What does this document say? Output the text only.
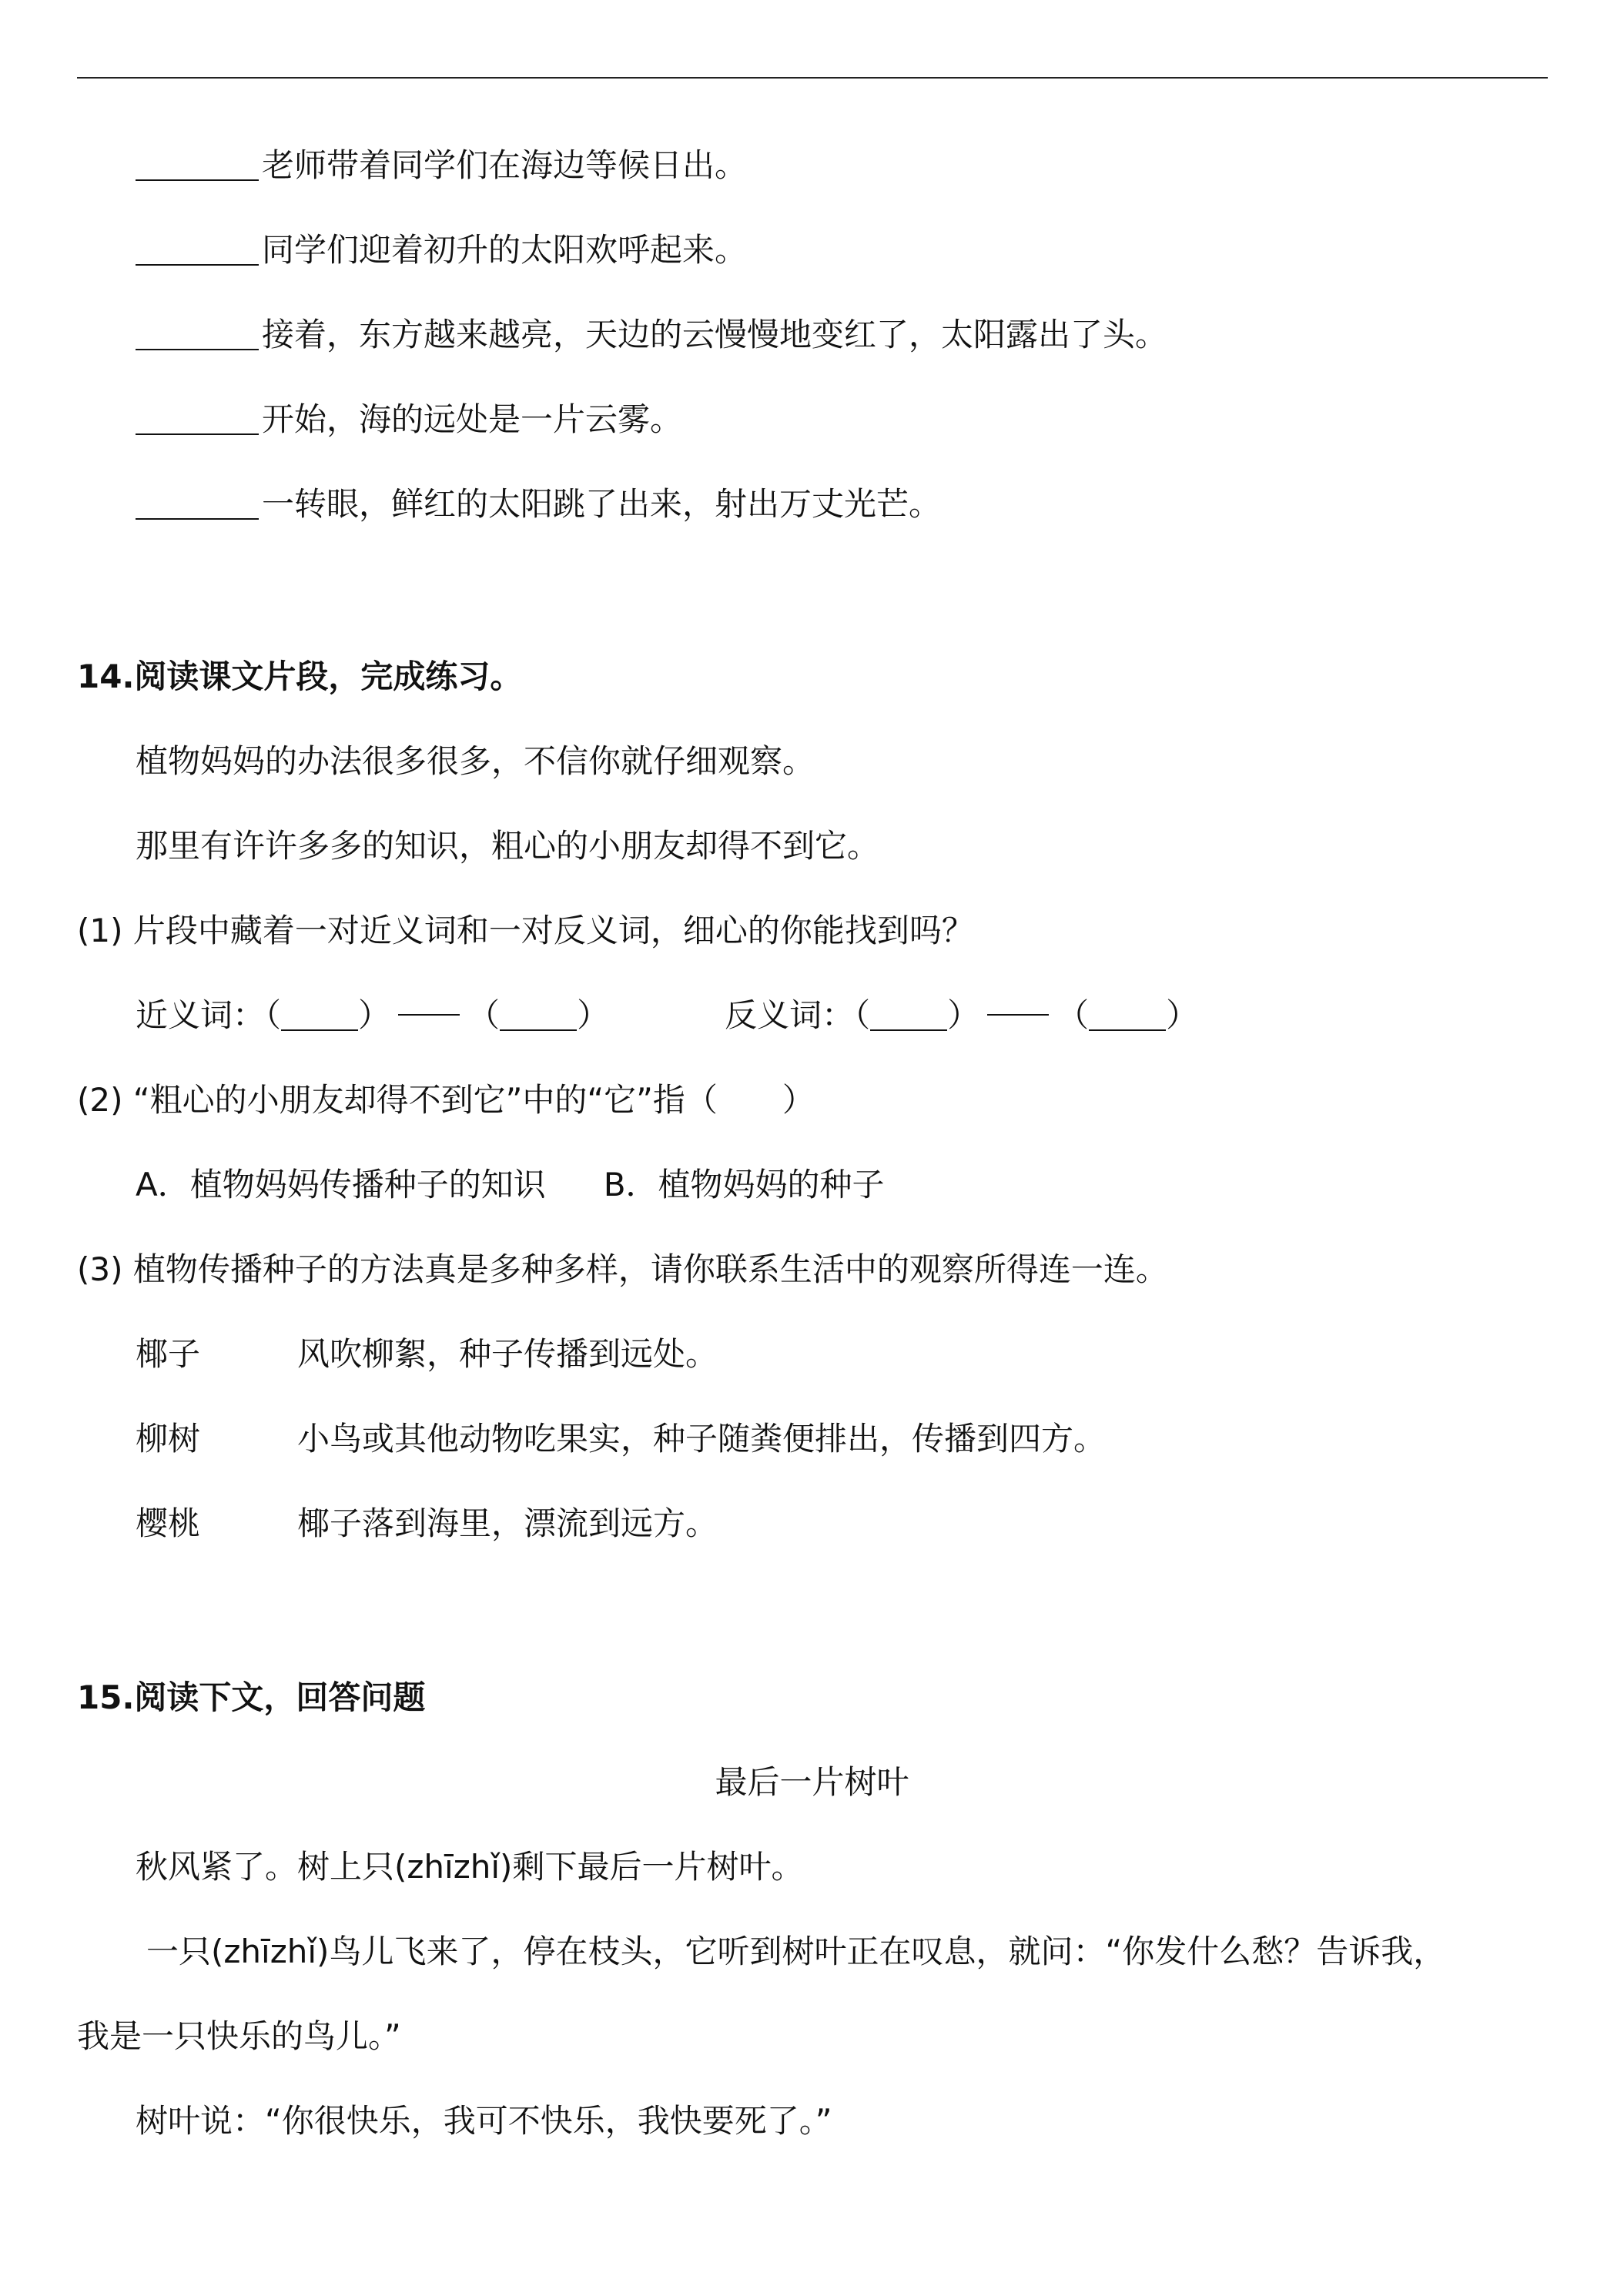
老师带着同学们在海边等候日出。
同学们迎着初升的太阳欢呼起来。
接着，东方越来越亮，天边的云慢慢地变红了，太阳露出了头。
开始，海的远处是一片云雾。
一转眼，鲜红的太阳跳了出来，射出万丈光芒。
14.阅读课文片段，完成练习。
植物妈妈的办法很多很多，不信你就仔细观察。
那里有许许多多的知识，粗心的小朋友却得不到它。
(1) 片段中藏着一对近义词和一对反义词，细心的你能找到吗？
近义词：（ ） （ ）	反义词：（ ） （ ）
(2) “粗心的小朋友却得不到它”中的“它”指（　　）
A．植物妈妈传播种子的知识 B．植物妈妈的种子
(3) 植物传播种子的方法真是多种多样，请你联系生活中的观察所得连一连。
椰子	风吹柳絮，种子传播到远处。
柳树	小鸟或其他动物吃果实，种子随粪便排出，传播到四方。
樱桃	椰子落到海里，漂流到远方。
15.阅读下文，回答问题
最后一片树叶
秋风紧了。树上只(zhīzhǐ)剩下最后一片树叶。
一只(zhīzhǐ)鸟儿飞来了，停在枝头，它听到树叶正在叹息，就问：“你发什么愁？告诉我，
我是一只快乐的鸟儿。”
树叶说：“你很快乐，我可不快乐，我快要死了。”
